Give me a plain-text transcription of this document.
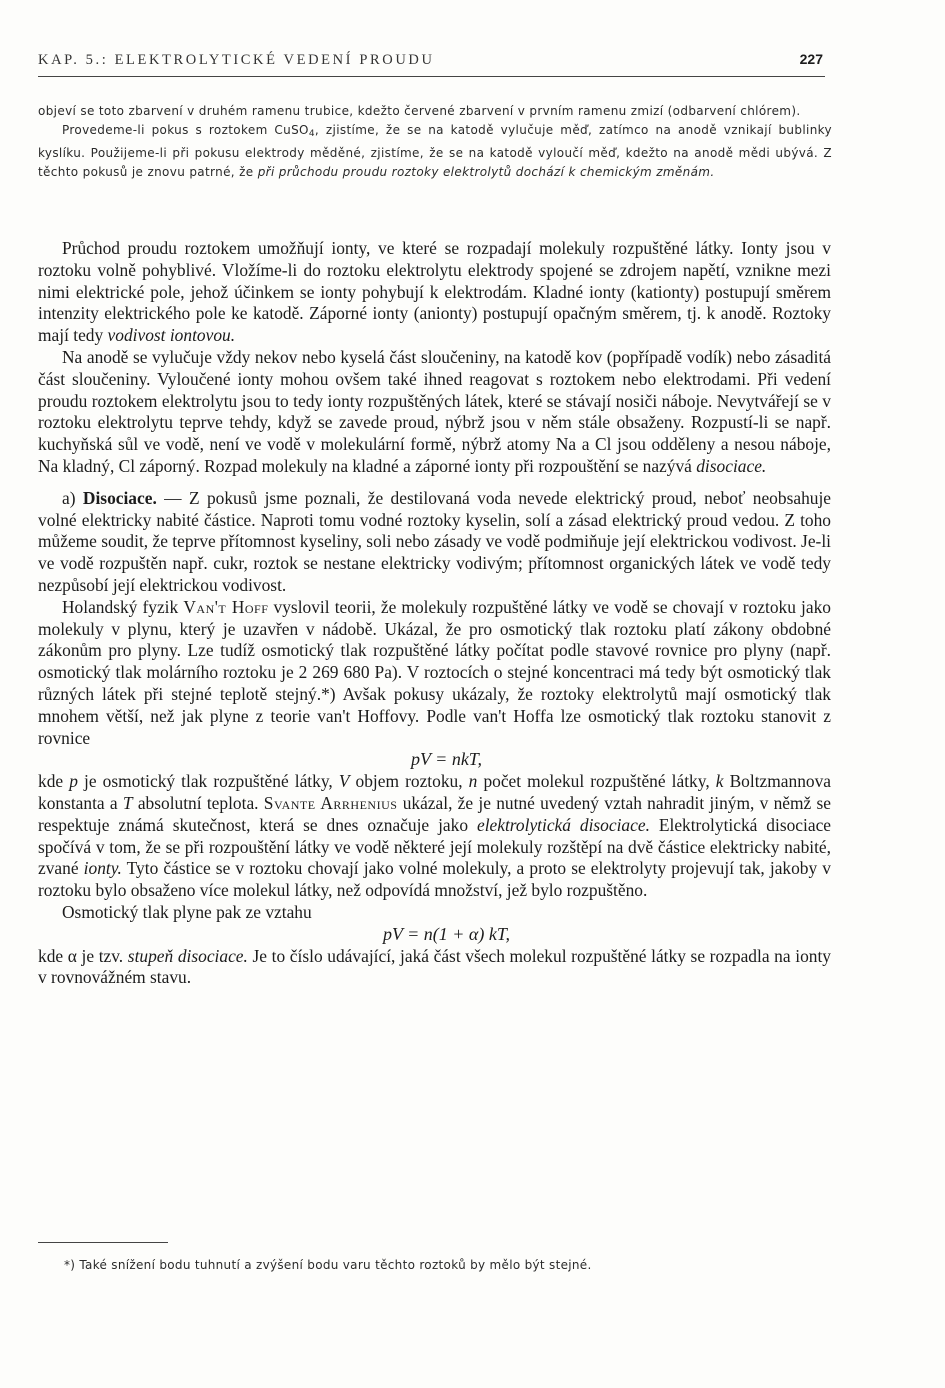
KAP. 5.: ELEKTROLYTICKÉ VEDENÍ PROUDU	227

objeví se toto zbarvení v druhém ramenu trubice, kdežto červené zbarvení v prvním ramenu zmizí (odbarvení chlórem).

Provedeme-li pokus s roztokem CuSO$_4$, zjistíme, že se na katodě vylučuje měď, zatímco na anodě vznikají bublinky kyslíku. Použijeme-li při pokusu elektrody měděné, zjistíme, že se na katodě vyloučí měď, kdežto na anodě mědi ubývá. Z těchto pokusů je znovu patrné, že při průchodu proudu roztoky elektrolytů dochází k chemickým změnám.

Průchod proudu roztokem umožňují ionty, ve které se rozpadají molekuly rozpuštěné látky. Ionty jsou v roztoku volně pohyblivé. Vložíme-li do roztoku elektrolytu elektrody spojené se zdrojem napětí, vznikne mezi nimi elektrické pole, jehož účinkem se ionty pohybují k elektrodám. Kladné ionty (kationty) postupují směrem intenzity elektrického pole ke katodě. Záporné ionty (anionty) postupují opačným směrem, tj. k anodě. Roztoky mají tedy vodivost iontovou.

Na anodě se vylučuje vždy nekov nebo kyselá část sloučeniny, na katodě kov (popřípadě vodík) nebo zásaditá část sloučeniny. Vyloučené ionty mohou ovšem také ihned reagovat s roztokem nebo elektrodami. Při vedení proudu roztokem elektrolytu jsou to tedy ionty rozpuštěných látek, které se stávají nosiči náboje. Nevytvářejí se v roztoku elektrolytu teprve tehdy, když se zavede proud, nýbrž jsou v něm stále obsaženy. Rozpustí-li se např. kuchyňská sůl ve vodě, není ve vodě v molekulární formě, nýbrž atomy Na a Cl jsou odděleny a nesou náboje, Na kladný, Cl záporný. Rozpad molekuly na kladné a záporné ionty při rozpouštění se nazývá disociace.

a) Disociace. — Z pokusů jsme poznali, že destilovaná voda nevede elektrický proud, neboť neobsahuje volné elektricky nabité částice. Naproti tomu vodné roztoky kyselin, solí a zásad elektrický proud vedou. Z toho můžeme soudit, že teprve přítomnost kyseliny, soli nebo zásady ve vodě podmiňuje její elektrickou vodivost. Je-li ve vodě rozpuštěn např. cukr, roztok se nestane elektricky vodivým; přítomnost organických látek ve vodě tedy nezpůsobí její elektrickou vodivost.

Holandský fyzik Van't Hoff vyslovil teorii, že molekuly rozpuštěné látky ve vodě se chovají v roztoku jako molekuly v plynu, který je uzavřen v nádobě. Ukázal, že pro osmotický tlak roztoku platí zákony obdobné zákonům pro plyny. Lze tudíž osmotický tlak rozpuštěné látky počítat podle stavové rovnice pro plyny (např. osmotický tlak molárního roztoku je 2 269 680 Pa). V roztocích o stejné koncentraci má tedy být osmotický tlak různých látek při stejné teplotě stejný.*) Avšak pokusy ukázaly, že roztoky elektrolytů mají osmotický tlak mnohem větší, než jak plyne z teorie van't Hoffovy. Podle van't Hoffa lze osmotický tlak roztoku stanovit z rovnice

pV = nkT,

kde p je osmotický tlak rozpuštěné látky, V objem roztoku, n počet molekul rozpuštěné látky, k Boltzmannova konstanta a T absolutní teplota. Svante Arrhenius ukázal, že je nutné uvedený vztah nahradit jiným, v němž se respektuje známá skutečnost, která se dnes označuje jako elektrolytická disociace. Elektrolytická disociace spočívá v tom, že se při rozpouštění látky ve vodě některé její molekuly rozštěpí na dvě částice elektricky nabité, zvané ionty. Tyto částice se v roztoku chovají jako volné molekuly, a proto se elektrolyty projevují tak, jakoby v roztoku bylo obsaženo více molekul látky, než odpovídá množství, jež bylo rozpuštěno.

Osmotický tlak plyne pak ze vztahu

pV = n(1 + α) kT,

kde α je tzv. stupeň disociace. Je to číslo udávající, jaká část všech molekul rozpuštěné látky se rozpadla na ionty v rovnovážném stavu.

*) Také snížení bodu tuhnutí a zvýšení bodu varu těchto roztoků by mělo být stejné.
